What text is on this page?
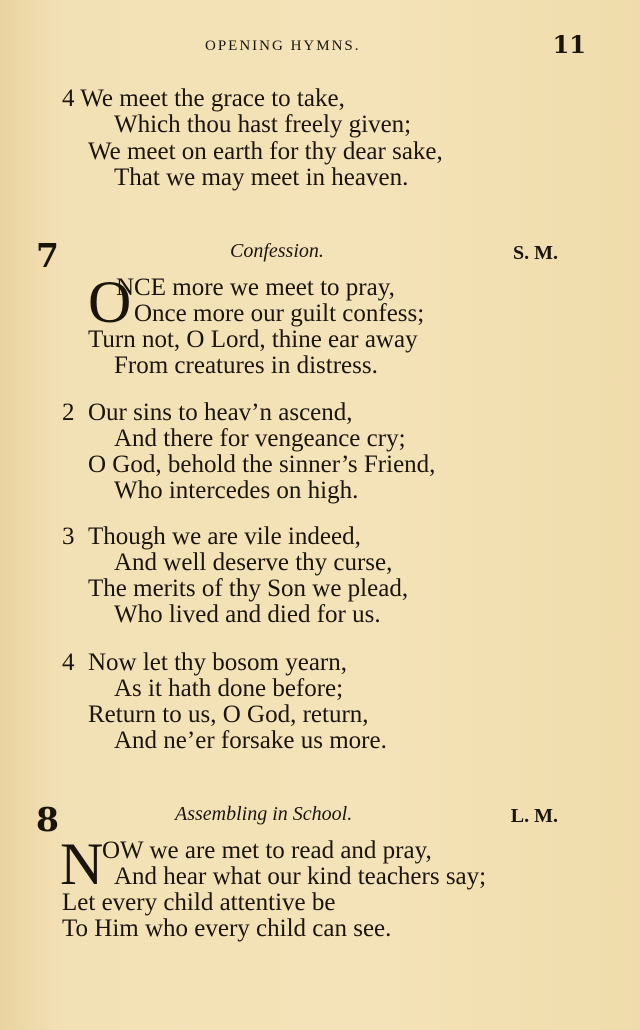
OPENING HYMNS.	11
4 We meet the grace to take,
Which thou hast freely given;
We meet on earth for thy dear sake,
That we may meet in heaven.
7	Confession.	S. M.
O
NCE more we meet to pray,
Once more our guilt confess;
Turn not, O Lord, thine ear away
From creatures in distress.
2 Our sins to heav’n ascend,
And there for vengeance cry;
O God, behold the sinner’s Friend,
Who intercedes on high.
3 Though we are vile indeed,
And well deserve thy curse,
The merits of thy Son we plead,
Who lived and died for us.
4 Now let thy bosom yearn,
As it hath done before;
Return to us, O God, return,
And ne’er forsake us more.
8	Assembling in School.	L. M.
N
OW we are met to read and pray,
And hear what our kind teachers say;
Let every child attentive be
To Him who every child can see.
